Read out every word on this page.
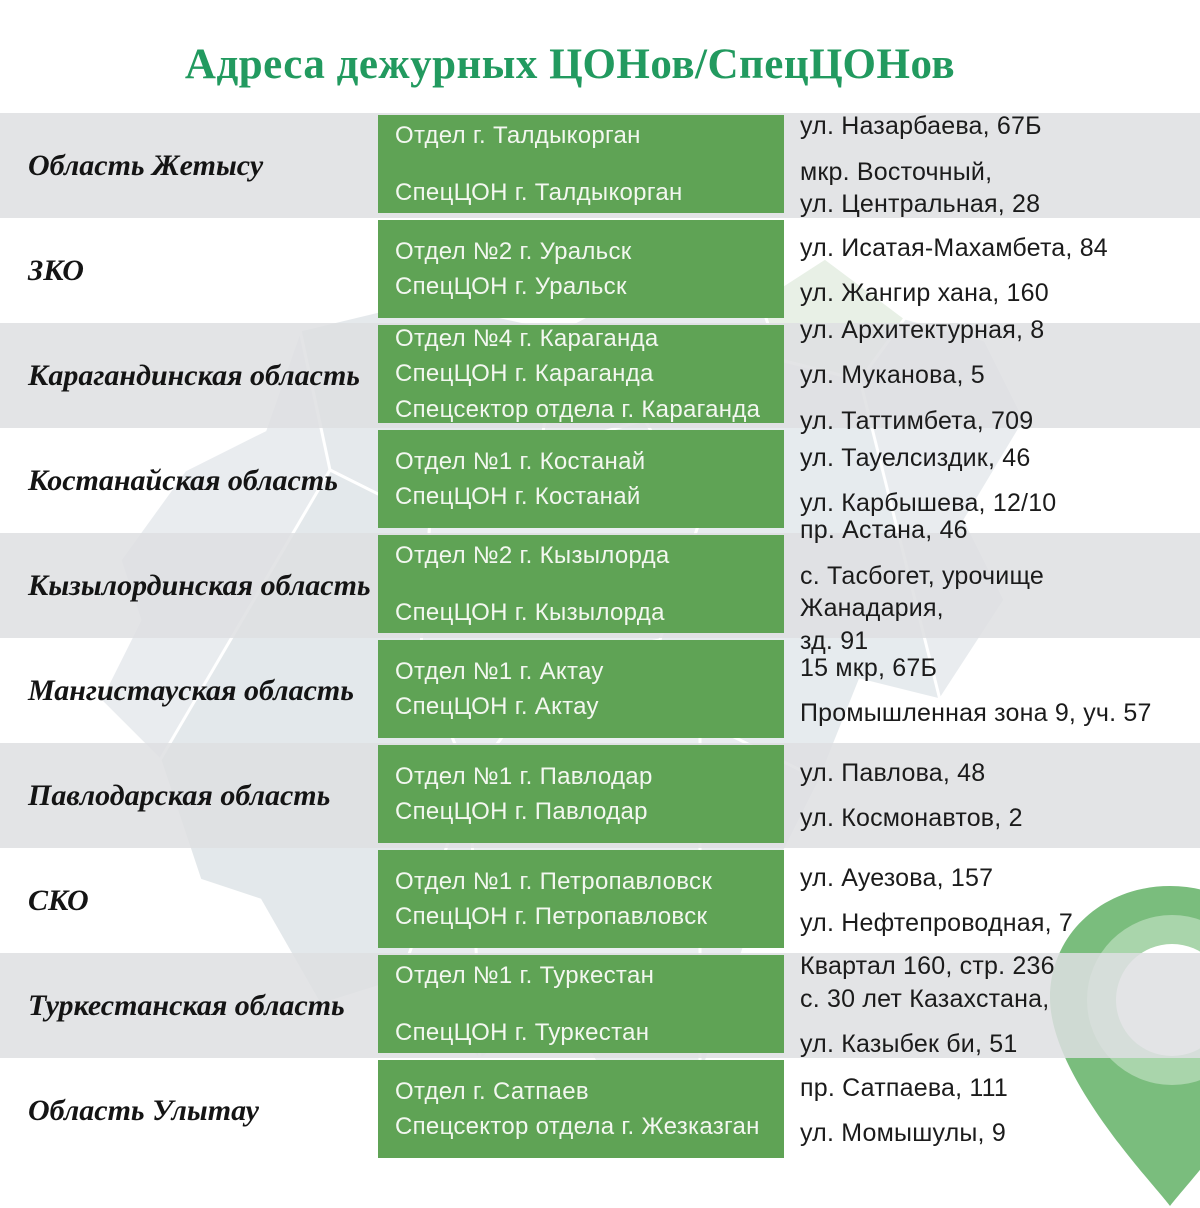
Адреса дежурных ЦОНов/СпецЦОНов
Область Жетысу
Отдел г. Талдыкорган
СпецЦОН г. Талдыкорган
ул. Назарбаева, 67Б
мкр. Восточный,
ул. Центральная, 28
ЗКО
Отдел №2 г. Уральск
СпецЦОН г. Уральск
ул. Исатая-Махамбета, 84
ул. Жангир хана, 160
Карагандинская область
Отдел №4 г. Караганда
СпецЦОН г. Караганда
Спецсектор отдела г. Караганда
ул. Архитектурная, 8
ул. Муканова, 5
ул. Таттимбета, 709
Костанайская область
Отдел №1 г. Костанай
СпецЦОН г. Костанай
ул. Тауелсиздик, 46
ул. Карбышева, 12/10
Кызылординская область
Отдел №2 г. Кызылорда
СпецЦОН г. Кызылорда
пр. Астана, 46
с. Тасбогет, урочище Жанадария,
зд. 91
Мангистауская область
Отдел №1 г. Актау
СпецЦОН г. Актау
15 мкр, 67Б
Промышленная зона 9, уч. 57
Павлодарская область
Отдел №1 г. Павлодар
СпецЦОН г. Павлодар
ул. Павлова, 48
ул. Космонавтов, 2
СКО
Отдел №1 г. Петропавловск
СпецЦОН г. Петропавловск
ул. Ауезова, 157
ул. Нефтепроводная, 7
Туркестанская область
Отдел №1 г. Туркестан
СпецЦОН г. Туркестан
Квартал 160, стр. 236
с. 30 лет Казахстана,
ул. Казыбек би, 51
Область Улытау
Отдел г. Сатпаев
Спецсектор отдела г. Жезказган
пр. Сатпаева, 111
ул. Момышулы, 9
